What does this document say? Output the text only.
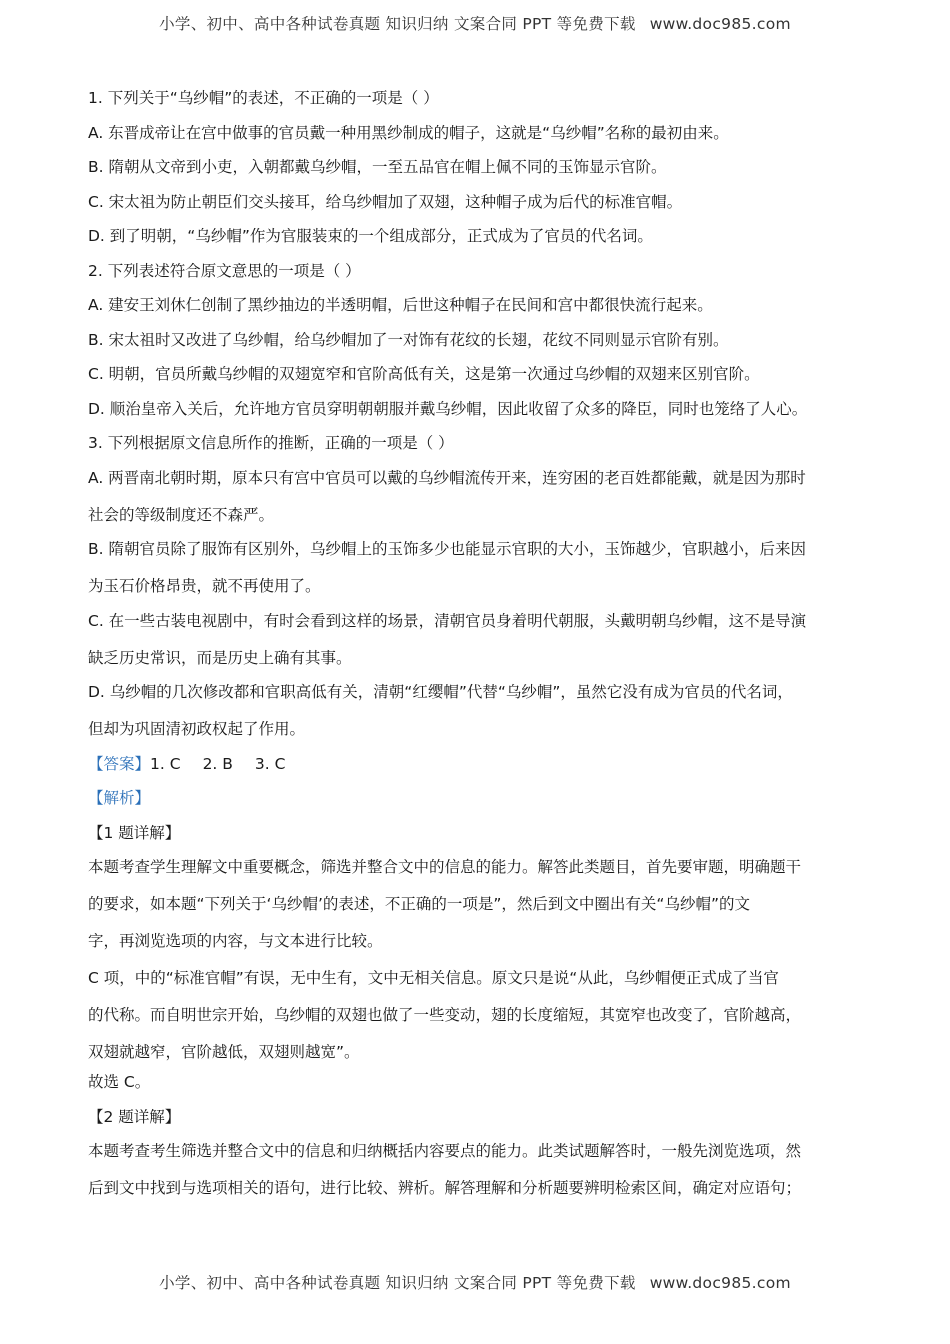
小学、初中、高中各种试卷真题 知识归纳 文案合同 PPT 等免费下载 www.doc985.com
1. 下列关于“乌纱帽”的表述，不正确的一项是（ ）
A. 东晋成帝让在宫中做事的官员戴一种用黑纱制成的帽子，这就是“乌纱帽”名称的最初由来。
B. 隋朝从文帝到小吏，入朝都戴乌纱帽，一至五品官在帽上佩不同的玉饰显示官阶。
C. 宋太祖为防止朝臣们交头接耳，给乌纱帽加了双翅，这种帽子成为后代的标准官帽。
D. 到了明朝，“乌纱帽”作为官服装束的一个组成部分，正式成为了官员的代名词。
2. 下列表述符合原文意思的一项是（ ）
A. 建安王刘休仁创制了黑纱抽边的半透明帽，后世这种帽子在民间和宫中都很快流行起来。
B. 宋太祖时又改进了乌纱帽，给乌纱帽加了一对饰有花纹的长翅，花纹不同则显示官阶有别。
C. 明朝，官员所戴乌纱帽的双翅宽窄和官阶高低有关，这是第一次通过乌纱帽的双翅来区别官阶。
D. 顺治皇帝入关后，允许地方官员穿明朝朝服并戴乌纱帽，因此收留了众多的降臣，同时也笼络了人心。
3. 下列根据原文信息所作的推断，正确的一项是（ ）
A. 两晋南北朝时期，原本只有宫中官员可以戴的乌纱帽流传开来，连穷困的老百姓都能戴，就是因为那时
社会的等级制度还不森严。
B. 隋朝官员除了服饰有区别外，乌纱帽上的玉饰多少也能显示官职的大小，玉饰越少，官职越小，后来因
为玉石价格昂贵，就不再使用了。
C. 在一些古装电视剧中，有时会看到这样的场景，清朝官员身着明代朝服，头戴明朝乌纱帽，这不是导演
缺乏历史常识，而是历史上确有其事。
D. 乌纱帽的几次修改都和官职高低有关，清朝“红缨帽”代替“乌纱帽”，虽然它没有成为官员的代名词，
但却为巩固清初政权起了作用。
【答案】1. C 2. B 3. C
【解析】
【1 题详解】
本题考查学生理解文中重要概念，筛选并整合文中的信息的能力。解答此类题目，首先要审题，明确题干
的要求，如本题“下列关于‘乌纱帽’的表述，不正确的一项是”，然后到文中圈出有关“乌纱帽”的文
字，再浏览选项的内容，与文本进行比较。
C 项，中的“标准官帽”有误，无中生有，文中无相关信息。原文只是说“从此，乌纱帽便正式成了当官
的代称。而自明世宗开始，乌纱帽的双翅也做了一些变动，翅的长度缩短，其宽窄也改变了，官阶越高，
双翅就越窄，官阶越低，双翅则越宽”。
故选 C。
【2 题详解】
本题考查考生筛选并整合文中的信息和归纳概括内容要点的能力。此类试题解答时，一般先浏览选项，然
后到文中找到与选项相关的语句，进行比较、辨析。解答理解和分析题要辨明检索区间，确定对应语句；
小学、初中、高中各种试卷真题 知识归纳 文案合同 PPT 等免费下载 www.doc985.com
